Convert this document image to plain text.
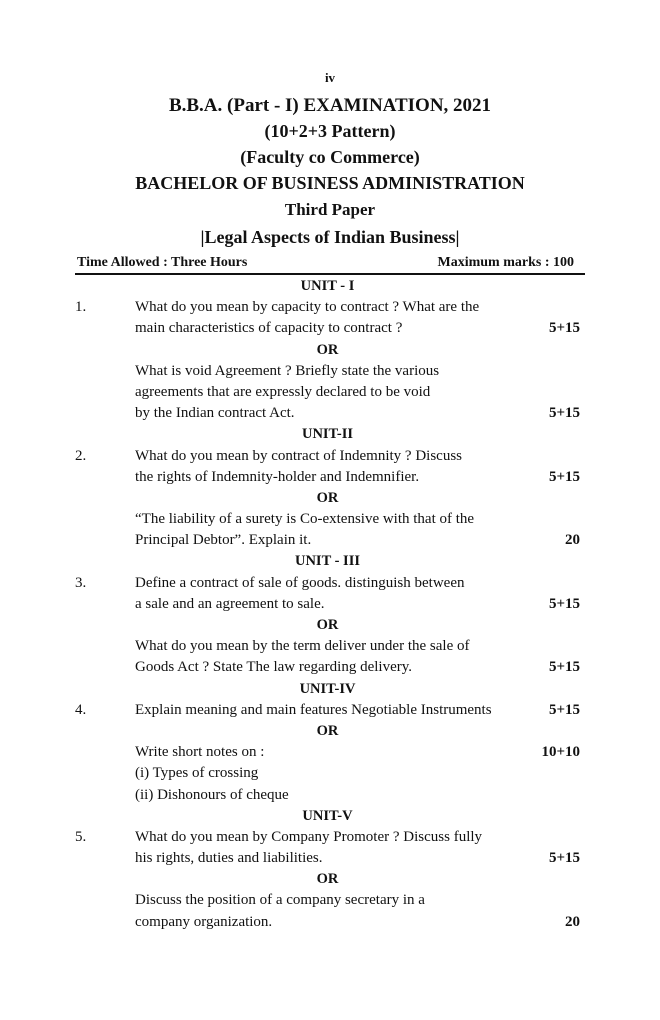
iv
B.B.A. (Part - I) EXAMINATION, 2021
(10+2+3 Pattern)
(Faculty co Commerce)
BACHELOR OF BUSINESS ADMINISTRATION
Third Paper
|Legal Aspects of Indian Business|
Time Allowed : Three Hours	Maximum marks : 100
UNIT - I
1.	What do you mean by capacity to contract ? What are the
main characteristics of capacity to contract ?	5+15
OR
What is void Agreement ? Briefly state the various
agreements that are expressly declared to be void
by the Indian contract Act.	5+15
UNIT-II
2.	What do you mean by contract of Indemnity ? Discuss
the rights of Indemnity-holder and Indemnifier.	5+15
OR
“The liability of a surety is Co-extensive with that of the
Principal Debtor”. Explain it.	20
UNIT - III
3.	Define a contract of sale of goods. distinguish between
a sale and an agreement to sale.	5+15
OR
What do you mean by the term deliver under the sale of
Goods Act ? State The law regarding delivery.	5+15
UNIT-IV
4.	Explain meaning and main features Negotiable Instruments	5+15
OR
Write short notes on :	10+10
(i) Types of crossing
(ii) Dishonours of cheque
UNIT-V
5.	What do you mean by Company Promoter ? Discuss fully
his rights, duties and liabilities.	5+15
OR
Discuss the position of a company secretary in a
company organization.	20
